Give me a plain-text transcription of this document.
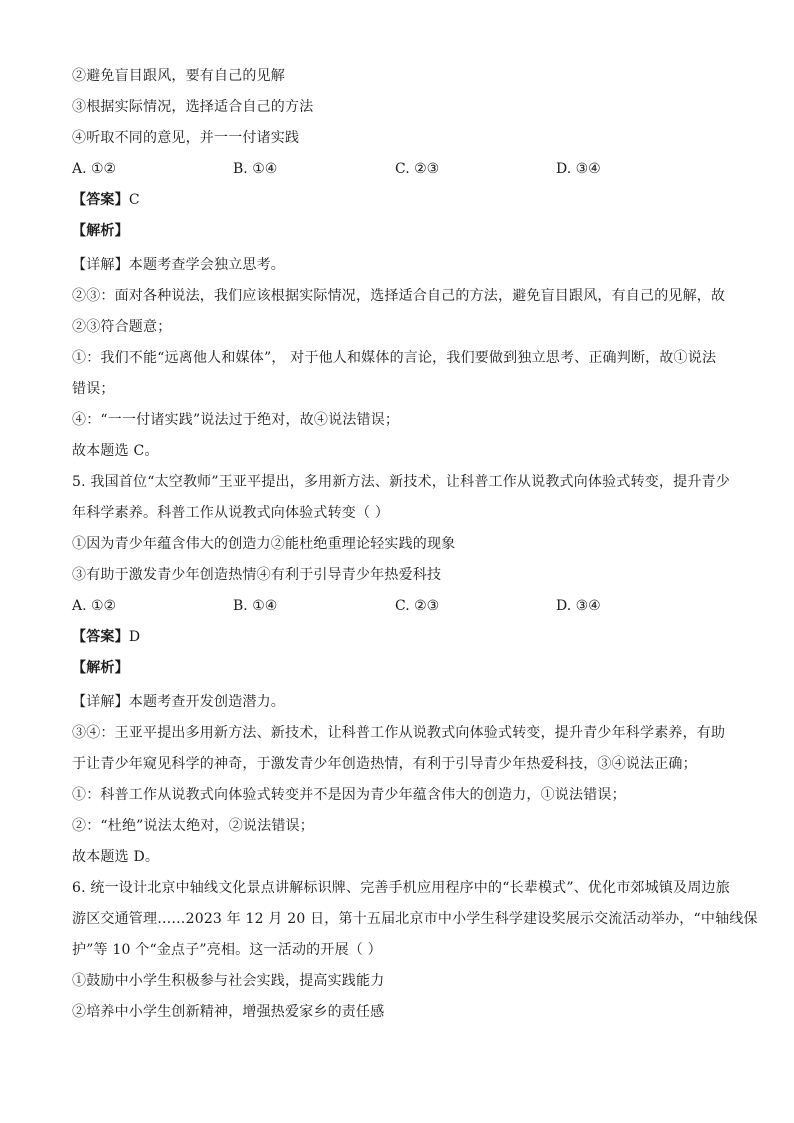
②避免盲目跟风，要有自己的见解
③根据实际情况，选择适合自己的方法
④听取不同的意见，并一一付诸实践
A. ①②	B. ①④	C. ②③	D. ③④
【答案】C
【解析】
【详解】本题考查学会独立思考。
②③：面对各种说法，我们应该根据实际情况，选择适合自己的方法，避免盲目跟风，有自己的见解，故
②③符合题意；
①：我们不能“远离他人和媒体”， 对于他人和媒体的言论，我们要做到独立思考、正确判断，故①说法
错误；
④：“一一付诸实践”说法过于绝对，故④说法错误；
故本题选 C。
5. 我国首位“太空教师”王亚平提出，多用新方法、新技术，让科普工作从说教式向体验式转变，提升青少
年科学素养。科普工作从说教式向体验式转变（ ）
①因为青少年蕴含伟大的创造力②能杜绝重理论轻实践的现象
③有助于激发青少年创造热情④有利于引导青少年热爱科技
A. ①②	B. ①④	C. ②③	D. ③④
【答案】D
【解析】
【详解】本题考查开发创造潜力。
③④：王亚平提出多用新方法、新技术，让科普工作从说教式向体验式转变，提升青少年科学素养，有助
于让青少年窥见科学的神奇，于激发青少年创造热情，有利于引导青少年热爱科技，③④说法正确；
①：科普工作从说教式向体验式转变并不是因为青少年蕴含伟大的创造力，①说法错误；
②：“杜绝”说法太绝对，②说法错误；
故本题选 D。
6. 统一设计北京中轴线文化景点讲解标识牌、完善手机应用程序中的“长辈模式”、优化市郊城镇及周边旅
游区交通管理……2023 年 12 月 20 日，第十五届北京市中小学生科学建设奖展示交流活动举办，“中轴线保
护”等 10 个“金点子”亮相。这一活动的开展（ ）
①鼓励中小学生积极参与社会实践，提高实践能力
②培养中小学生创新精神，增强热爱家乡的责任感
